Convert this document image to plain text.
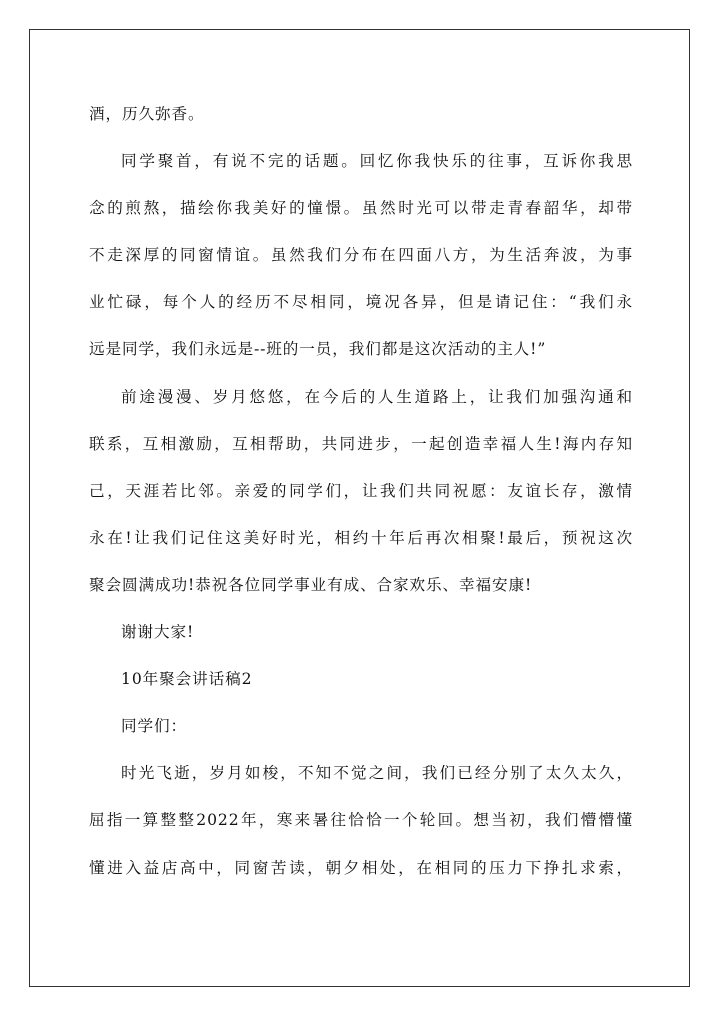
酒，历久弥香。
同学聚首，有说不完的话题。回忆你我快乐的往事，互诉你我思
念的煎熬，描绘你我美好的憧憬。虽然时光可以带走青春韶华，却带
不走深厚的同窗情谊。虽然我们分布在四面八方，为生活奔波，为事
业忙碌，每个人的经历不尽相同，境况各异，但是请记住：“我们永
远是同学，我们永远是--班的一员，我们都是这次活动的主人!”
前途漫漫、岁月悠悠，在今后的人生道路上，让我们加强沟通和
联系，互相激励，互相帮助，共同进步，一起创造幸福人生!海内存知
己，天涯若比邻。亲爱的同学们，让我们共同祝愿：友谊长存，激情
永在!让我们记住这美好时光，相约十年后再次相聚!最后，预祝这次
聚会圆满成功!恭祝各位同学事业有成、合家欢乐、幸福安康!
谢谢大家!
10年聚会讲话稿2
同学们：
时光飞逝，岁月如梭，不知不觉之间，我们已经分别了太久太久，
屈指一算整整2022年，寒来暑往恰恰一个轮回。想当初，我们懵懵懂
懂进入益店高中，同窗苦读，朝夕相处，在相同的压力下挣扎求索，
